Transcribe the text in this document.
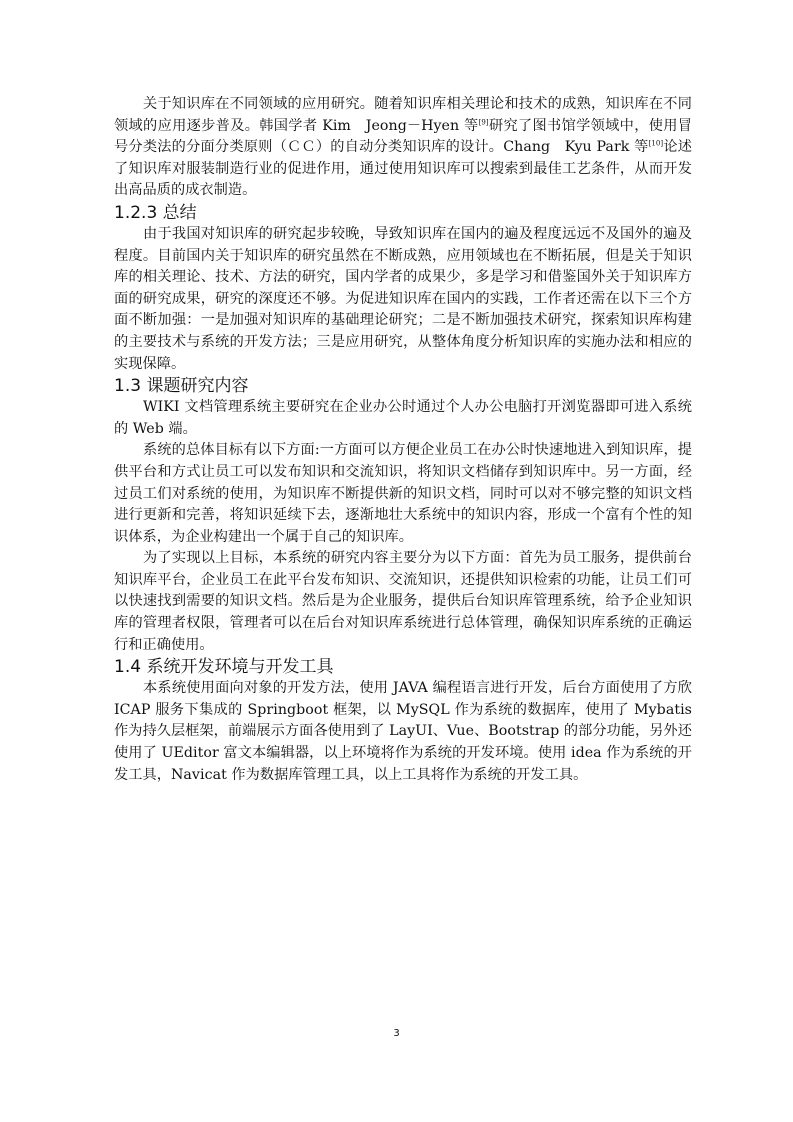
关于知识库在不同领域的应用研究。随着知识库相关理论和技术的成熟，知识库在不同领域的应用逐步普及。韩国学者 Kim　Jeong－Hyen 等[9]研究了图书馆学领域中，使用冒号分类法的分面分类原则（ＣＣ）的自动分类知识库的设计。Chang　Kyu Park 等[10]论述了知识库对服装制造行业的促进作用，通过使用知识库可以搜索到最佳工艺条件，从而开发出高品质的成衣制造。

1.2.3 总结

由于我国对知识库的研究起步较晚，导致知识库在国内的遍及程度远远不及国外的遍及程度。目前国内关于知识库的研究虽然在不断成熟，应用领域也在不断拓展，但是关于知识库的相关理论、技术、方法的研究，国内学者的成果少，多是学习和借鉴国外关于知识库方面的研究成果，研究的深度还不够。为促进知识库在国内的实践，工作者还需在以下三个方面不断加强：一是加强对知识库的基础理论研究；二是不断加强技术研究，探索知识库构建的主要技术与系统的开发方法；三是应用研究，从整体角度分析知识库的实施办法和相应的实现保障。

1.3 课题研究内容

WIKI 文档管理系统主要研究在企业办公时通过个人办公电脑打开浏览器即可进入系统的 Web 端。

系统的总体目标有以下方面:一方面可以方便企业员工在办公时快速地进入到知识库，提供平台和方式让员工可以发布知识和交流知识，将知识文档储存到知识库中。另一方面，经过员工们对系统的使用，为知识库不断提供新的知识文档，同时可以对不够完整的知识文档进行更新和完善，将知识延续下去，逐渐地壮大系统中的知识内容，形成一个富有个性的知识体系，为企业构建出一个属于自己的知识库。

为了实现以上目标，本系统的研究内容主要分为以下方面：首先为员工服务，提供前台知识库平台，企业员工在此平台发布知识、交流知识，还提供知识检索的功能，让员工们可以快速找到需要的知识文档。然后是为企业服务，提供后台知识库管理系统，给予企业知识库的管理者权限，管理者可以在后台对知识库系统进行总体管理，确保知识库系统的正确运行和正确使用。

1.4 系统开发环境与开发工具

本系统使用面向对象的开发方法，使用 JAVA 编程语言进行开发，后台方面使用了方欣 ICAP 服务下集成的 Springboot 框架，以 MySQL 作为系统的数据库，使用了 Mybatis 作为持久层框架，前端展示方面各使用到了 LayUI、Vue、Bootstrap 的部分功能，另外还使用了 UEditor 富文本编辑器，以上环境将作为系统的开发环境。使用 idea 作为系统的开发工具，Navicat 作为数据库管理工具，以上工具将作为系统的开发工具。

3
